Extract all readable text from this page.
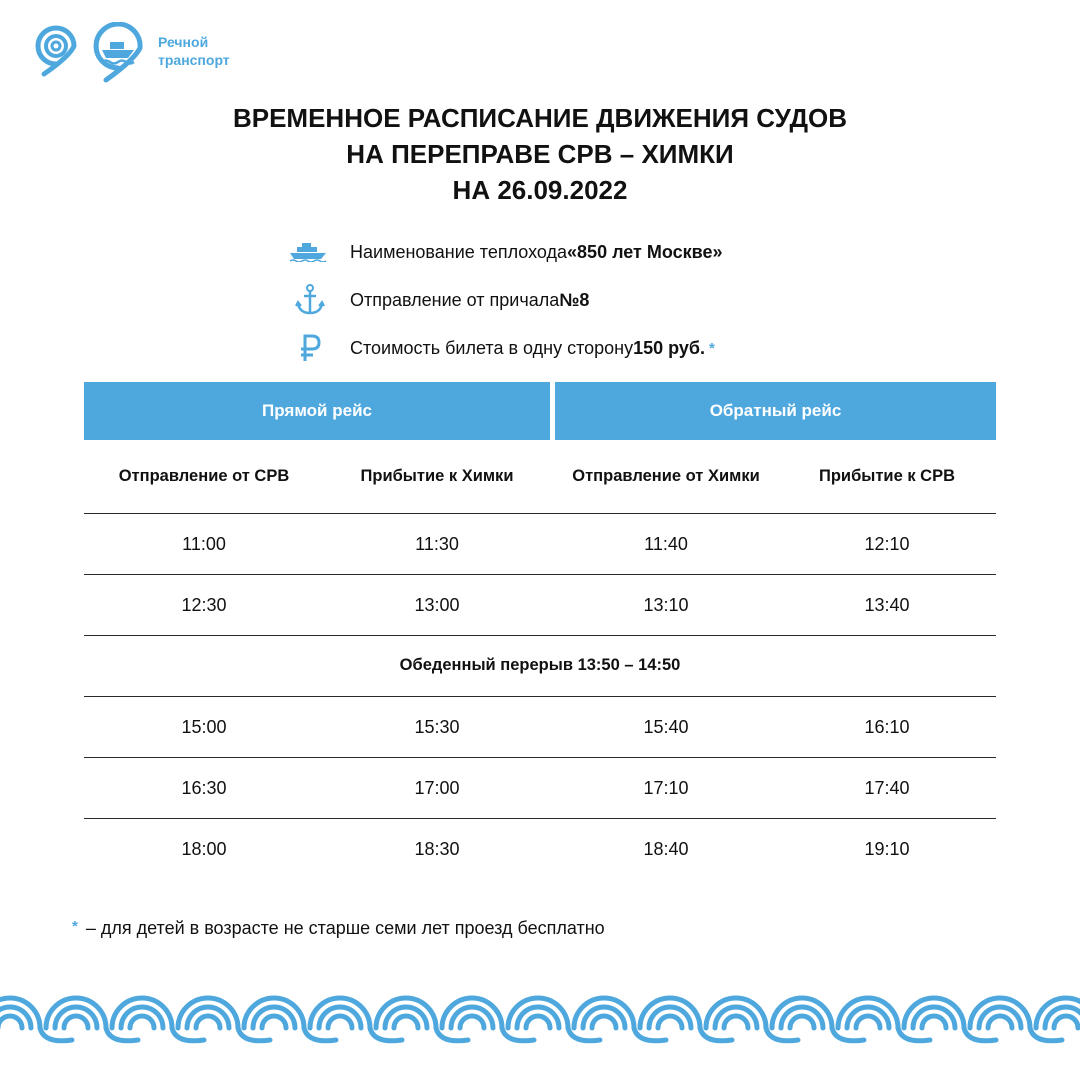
Речной
транспорт
ВРЕМЕННОЕ РАСПИСАНИЕ ДВИЖЕНИЯ СУДОВ
НА ПЕРЕПРАВЕ СРВ – ХИМКИ
НА 26.09.2022
Наименование теплохода «850 лет Москве»
Отправление от причала №8
Стоимость билета в одну сторону 150 руб. *
Прямой рейс	Обратный рейс
Отправление от СРВ	Прибытие к Химки	Отправление от Химки	Прибытие к СРВ
11:00	11:30	11:40	12:10
12:30	13:00	13:10	13:40
Обеденный перерыв 13:50 – 14:50
15:00	15:30	15:40	16:10
16:30	17:00	17:10	17:40
18:00	18:30	18:40	19:10
* – для детей в возрасте не старше семи лет проезд бесплатно
